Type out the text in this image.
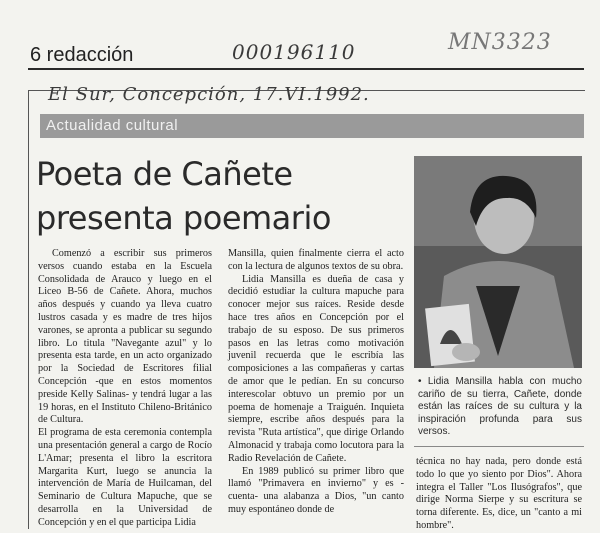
6 redacción	000196110	MN3323
El Sur, Concepción, 17.VI.1992.
Actualidad cultural
Poeta de Cañete
presenta poemario

Comenzó a escribir sus primeros versos cuando estaba en la Escuela Consolidada de Arauco y luego en el Liceo B-56 de Cañete. Ahora, muchos años después y cuando ya lleva cuatro lustros casada y es madre de tres hijos varones, se apronta a publicar su segundo libro. Lo titula "Navegante azul" y lo presenta esta tarde, en un acto organizado por la Sociedad de Escritores filial Concepción -que en estos momentos preside Kelly Salinas- y tendrá lugar a las 19 horas, en el Instituto Chileno-Británico de Cultura.

El programa de esta ceremonia contempla una presentación general a cargo de Rocío L'Amar; presenta el libro la escritora Margarita Kurt, luego se anuncia la intervención de María de Huilcaman, del Seminario de Cultura Mapuche, que se desarrolla en la Universidad de Concepción y en el que participa Lidia

Mansilla, quien finalmente cierra el acto con la lectura de algunos textos de su obra.

Lidia Mansilla es dueña de casa y decidió estudiar la cultura mapuche para conocer mejor sus raíces. Reside desde hace tres años en Concepción por el trabajo de su esposo. De sus primeros pasos en las letras como motivación juvenil recuerda que le escribía las composiciones a las compañeras y cartas de amor que le pedían. En su concurso interescolar obtuvo un premio por un poema de homenaje a Traiguén. Inquieta siempre, escribe años después para la revista "Ruta artística", que dirige Orlando Almonacid y trabaja como locutora para la Radio Revelación de Cañete.

En 1989 publicó su primer libro que llamó "Primavera en invierno" y es -cuenta- una alabanza a Dios, "un canto muy espontáneo donde de

• Lidia Mansilla habla con mucho cariño de su tierra, Cañete, donde están las raíces de su cultura y la inspiración profunda para sus versos.

técnica no hay nada, pero donde está todo lo que yo siento por Dios". Ahora integra el Taller "Los Ilusógrafos", que dirige Norma Sierpe y su escritura se torna diferente. Es, dice, un "canto a mi hombre".
